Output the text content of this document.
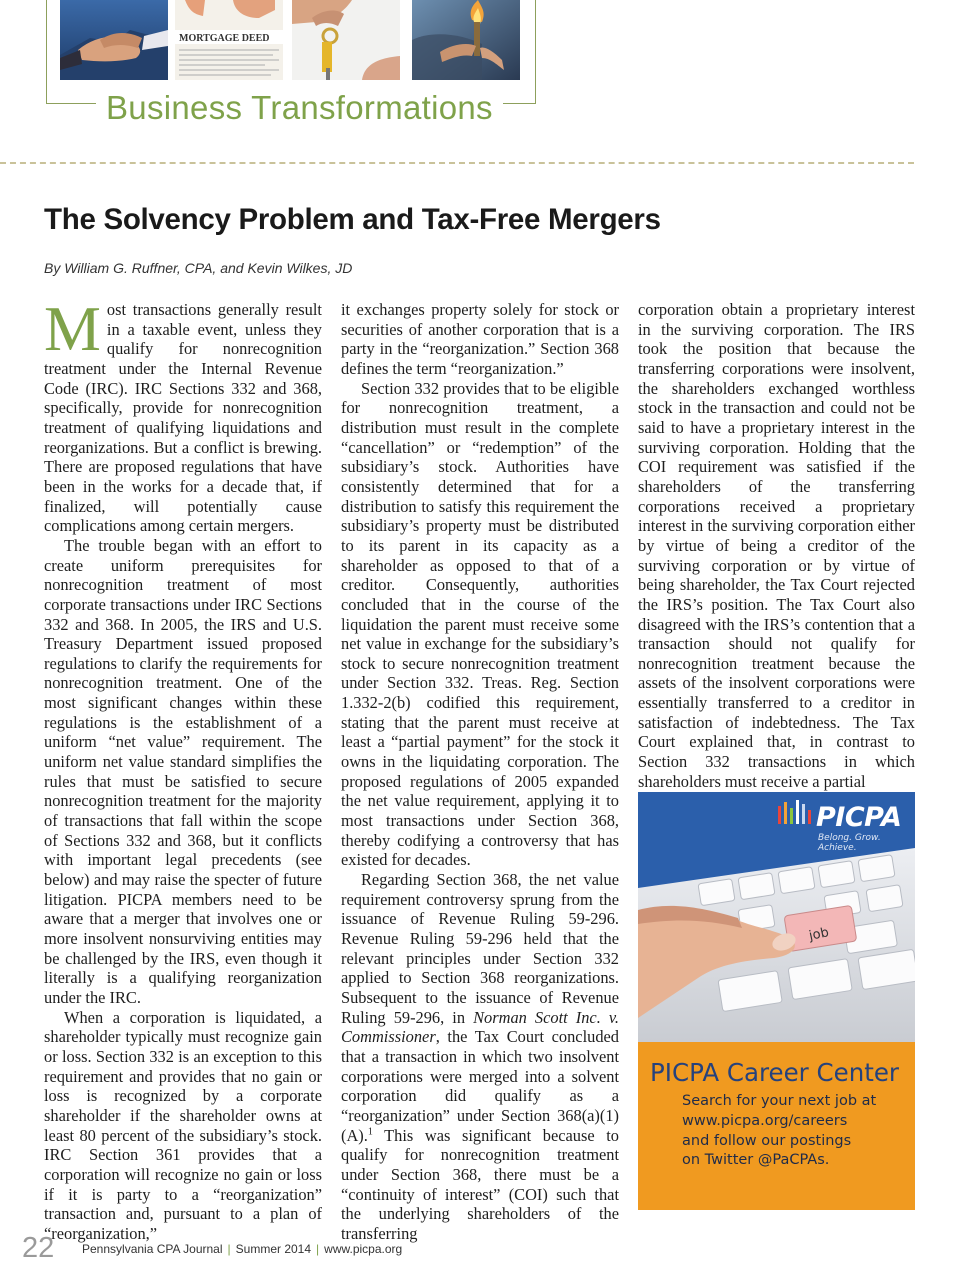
MORTGAGE DEED
Business Transformations
The Solvency Problem and Tax-Free Mergers
By William G. Ruffner, CPA, and Kevin Wilkes, JD

Most transactions generally result in a taxable event, unless they qualify for nonrecognition treatment under the Internal Revenue Code (IRC). IRC Sections 332 and 368, specifically, provide for nonrecognition treatment of qualifying liquidations and reorganizations. But a conflict is brewing. There are proposed regulations that have been in the works for a decade that, if finalized, will potentially cause complications among certain mergers.

The trouble began with an effort to create uniform prerequisites for nonrecognition treatment of most corporate transactions under IRC Sections 332 and 368. In 2005, the IRS and U.S. Treasury Department issued proposed regulations to clarify the requirements for nonrecognition treatment. One of the most significant changes within these regulations is the establishment of a uniform “net value” requirement. The uniform net value standard simplifies the rules that must be satisfied to secure nonrecognition treatment for the majority of transactions that fall within the scope of Sections 332 and 368, but it conflicts with important legal precedents (see below) and may raise the specter of future litigation. PICPA members need to be aware that a merger that involves one or more insolvent nonsurviving entities may be challenged by the IRS, even though it literally is a qualifying reorganization under the IRC.

When a corporation is liquidated, a shareholder typically must recognize gain or loss. Section 332 is an exception to this requirement and provides that no gain or loss is recognized by a corporate shareholder if the shareholder owns at least 80 percent of the subsidiary’s stock. IRC Section 361 provides that a corporation will recognize no gain or loss if it is party to a “reorganization” transaction and, pursuant to a plan of “reorganization,”

it exchanges property solely for stock or securities of another corporation that is a party in the “reorganization.” Section 368 defines the term “reorganization.”

Section 332 provides that to be eligible for nonrecognition treatment, a distribution must result in the complete “cancellation” or “redemption” of the subsidiary’s stock. Authorities have consistently determined that for a distribution to satisfy this requirement the subsidiary’s property must be distributed to its parent in its capacity as a shareholder as opposed to that of a creditor. Consequently, authorities concluded that in the course of the liquidation the parent must receive some net value in exchange for the subsidiary’s stock to secure nonrecognition treatment under Section 332. Treas. Reg. Section 1.332-2(b) codified this requirement, stating that the parent must receive at least a “partial payment” for the stock it owns in the liquidating corporation. The proposed regulations of 2005 expanded the net value requirement, applying it to most transactions under Section 368, thereby codifying a controversy that has existed for decades.

Regarding Section 368, the net value requirement controversy sprung from the issuance of Revenue Ruling 59-296. Revenue Ruling 59-296 held that the relevant principles under Section 332 applied to Section 368 reorganizations. Subsequent to the issuance of Revenue Ruling 59-296, in Norman Scott Inc. v. Commissioner, the Tax Court concluded that a transaction in which two insolvent corporations were merged into a solvent corporation did qualify as a “reorganization” under Section 368(a)(1)(A).$^1$ This was significant because to qualify for nonrecognition treatment under Section 368, there must be a “continuity of interest” (COI) such that the underlying shareholders of the transferring

corporation obtain a proprietary interest in the surviving corporation. The IRS took the position that because the transferring corporations were insolvent, the shareholders exchanged worthless stock in the transaction and could not be said to have a proprietary interest in the surviving corporation. Holding that the COI requirement was satisfied if the shareholders of the transferring corporations received a proprietary interest in the surviving corporation either by virtue of being a creditor of the surviving corporation or by virtue of being shareholder, the Tax Court rejected the IRS’s position. The Tax Court also disagreed with the IRS’s contention that a transaction should not qualify for nonrecognition treatment because the assets of the insolvent corporations were essentially transferred to a creditor in satisfaction of indebtedness. The Tax Court explained that, in contrast to Section 332 transactions in which shareholders must receive a partial

job
PICPA
Belong. Grow. Achieve.
PICPA Career Center
Search for your next job at
www.picpa.org/careers
and follow our postings
on Twitter @PaCPAs.
22 Pennsylvania CPA Journal | Summer 2014 | www.picpa.org
